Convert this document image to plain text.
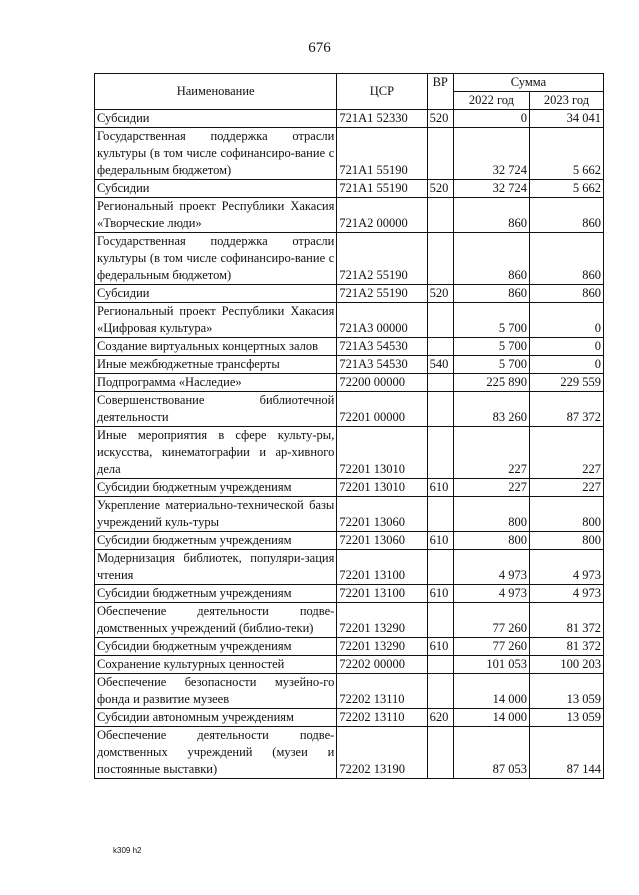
676
Наименование	ЦСР	ВР	Сумма	
			2022 год	2023 год
Субсидии	721А1 52330	520	0	34 041
Государственная поддержка отрасли культуры (в том числе софинансиро-вание с федеральным бюджетом)	721А1 55190		32 724	5 662
Субсидии	721А1 55190	520	32 724	5 662
Региональный проект Республики Хакасия «Творческие люди»	721А2 00000		860	860
Государственная поддержка отрасли культуры (в том числе софинансиро-вание с федеральным бюджетом)	721А2 55190		860	860
Субсидии	721А2 55190	520	860	860
Региональный проект Республики Хакасия «Цифровая культура»	721А3 00000		5 700	0
Создание виртуальных концертных залов	721А3 54530		5 700	0
Иные межбюджетные трансферты	721А3 54530	540	5 700	0
Подпрограмма «Наследие»	72200 00000		225 890	229 559
Совершенствование библиотечной деятельности	72201 00000		83 260	87 372
Иные мероприятия в сфере культу-ры, искусства, кинематографии и ар-хивного дела	72201 13010		227	227
Субсидии бюджетным учреждениям	72201 13010	610	227	227
Укрепление материально-технической базы учреждений куль-туры	72201 13060		800	800
Субсидии бюджетным учреждениям	72201 13060	610	800	800
Модернизация библиотек, популяри-зация чтения	72201 13100		4 973	4 973
Субсидии бюджетным учреждениям	72201 13100	610	4 973	4 973
Обеспечение деятельности подве-домственных учреждений (библио-теки)	72201 13290		77 260	81 372
Субсидии бюджетным учреждениям	72201 13290	610	77 260	81 372
Сохранение культурных ценностей	72202 00000		101 053	100 203
Обеспечение безопасности музейно-го фонда и развитие музеев	72202 13110		14 000	13 059
Субсидии автономным учреждениям	72202 13110	620	14 000	13 059
Обеспечение деятельности подве-домственных учреждений (музеи и постоянные выставки)	72202 13190		87 053	87 144
k309 h2
